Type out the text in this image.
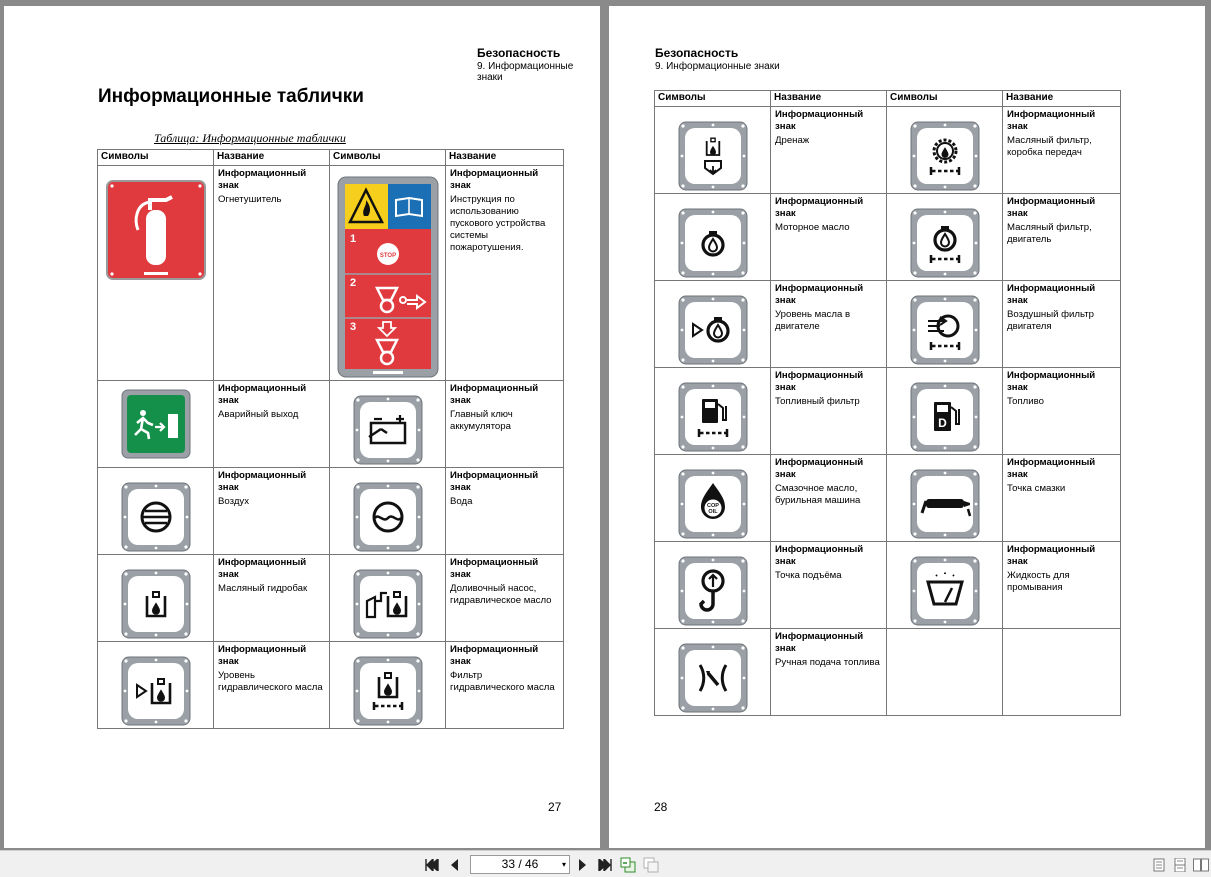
Безопасность
9. Информационные знаки
Информационные таблички
Таблица: Информационные таблички
Символы	Название	Символы	Название

Информационный знак
Огнетушитель	1
STOP
2
3	Информационный знак
Инструкция по использованию пускового устройства системы пожаротушения.

Информационный знак
Аварийный выход		Информационный знак
Главный ключ аккумулятора

Информационный знак
Воздух		Информационный знак
Вода

Информационный знак
Масляный гидробак		Информационный знак
Доливочный насос, гидравлическое масло

Информационный знак
Уровень гидравлического масла		Информационный знак
Фильтр гидравлического масла
27
Безопасность
9. Информационные знаки
Символы	Название	Символы	Название

Информационный знак
Дренаж		Информационный знак
Масляный фильтр, коробка передач

Информационный знак
Моторное масло		Информационный знак
Масляный фильтр, двигатель

Информационный знак
Уровень масла в двигателе		Информационный знак
Воздушный фильтр двигателя

Информационный знак
Топливный фильтр	D	Информационный знак
Топливо

COP
OIL	Информационный знак
Смазочное масло, бурильная машина		Информационный знак
Точка смазки

Информационный знак
Точка подъёма		Информационный знак
Жидкость для промывания

Информационный знак
Ручная подача топлива		
28
33 / 46	▾
